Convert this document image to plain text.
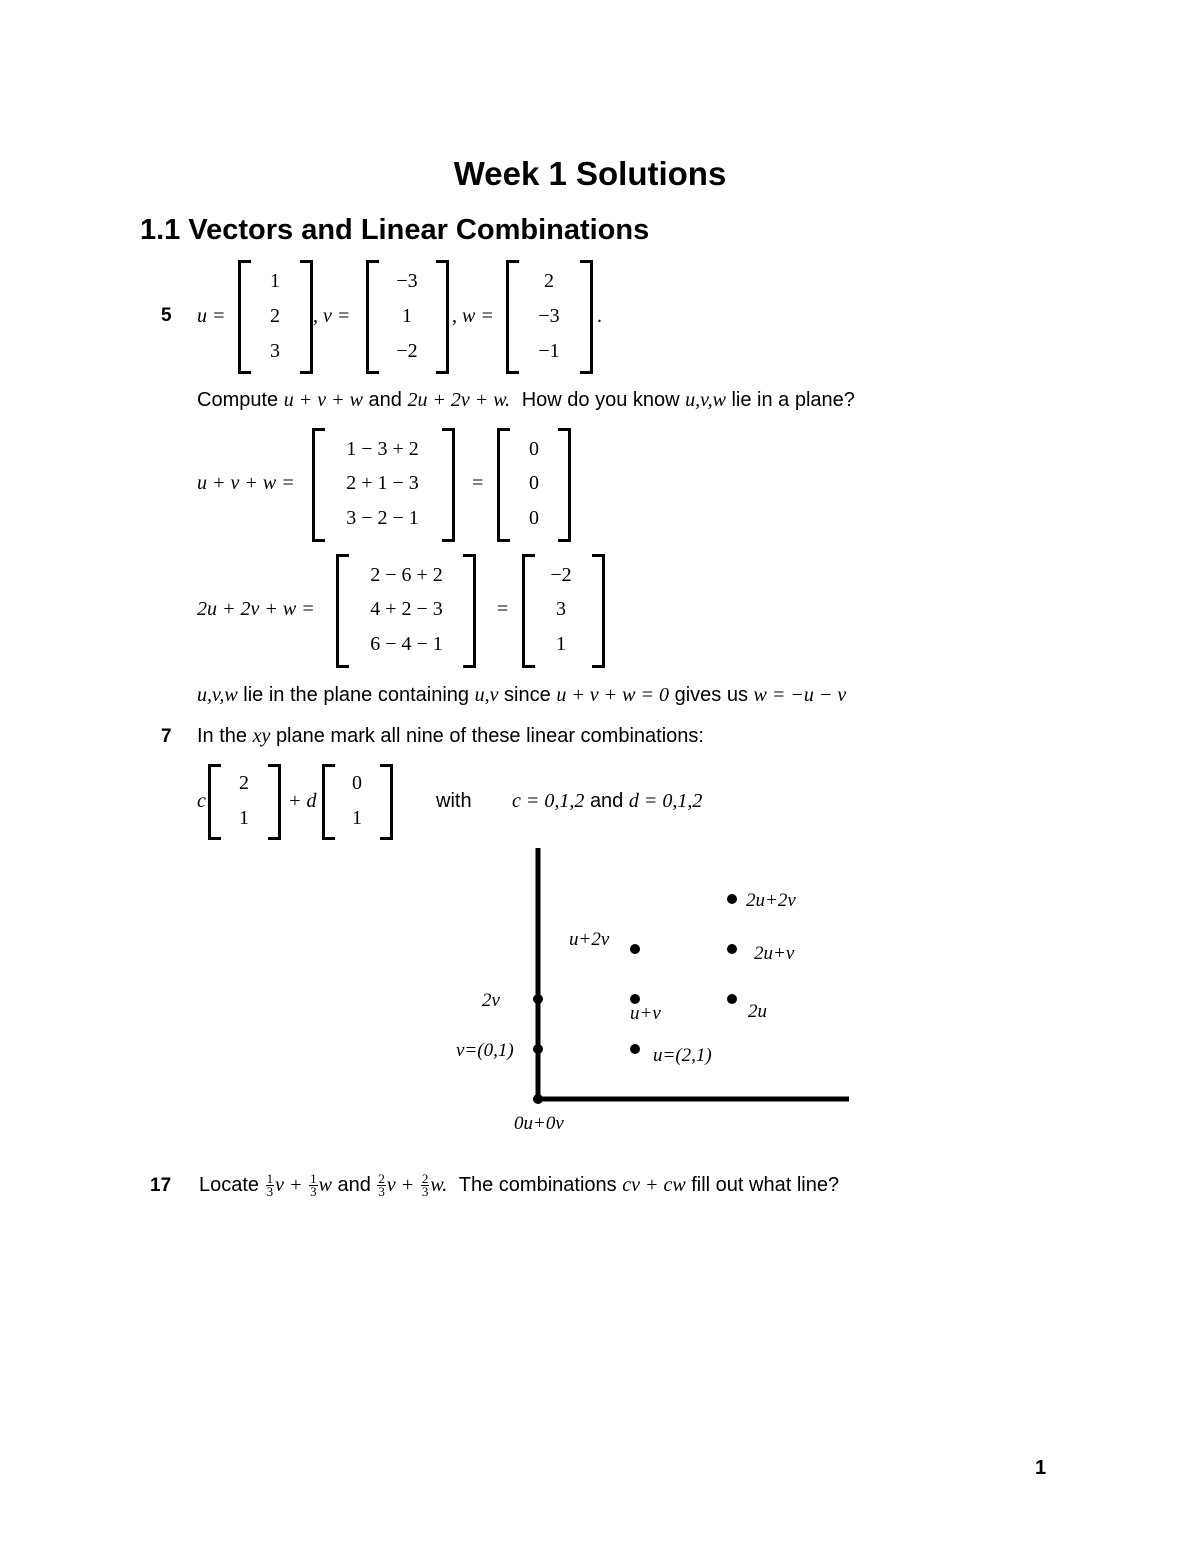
Week 1 Solutions
1.1 Vectors and Linear Combinations
5 u =
1
2
3
, v =
−3
1
−2
, w =
2
−3
−1
.
Compute u + v + w and 2u + 2v + w. How do you know u,v,w lie in a plane?
u + v + w =
1 − 3 + 2
2 + 1 − 3
3 − 2 − 1
=
0
0
0
2u + 2v + w =
2 − 6 + 2
4 + 2 − 3
6 − 4 − 1
=
−2
3
1
u,v,w lie in the plane containing u,v since u + v + w = 0 gives us w = −u − v
7 In the xy plane mark all nine of these linear combinations:
c
2
1
+ d
0
1
with c = 0,1,2 and d = 0,1,2
0u+0v
v=(0,1)
2v
u=(2,1)
u+v
u+2v
2u
2u+v
2u+2v
17 Locate $\frac{1}{3}$ $v + \frac{1}{3}$ w and $\frac{2}{3}$ $v + \frac{2}{3} w$. The combinations cv + cw fill out what line?
1
